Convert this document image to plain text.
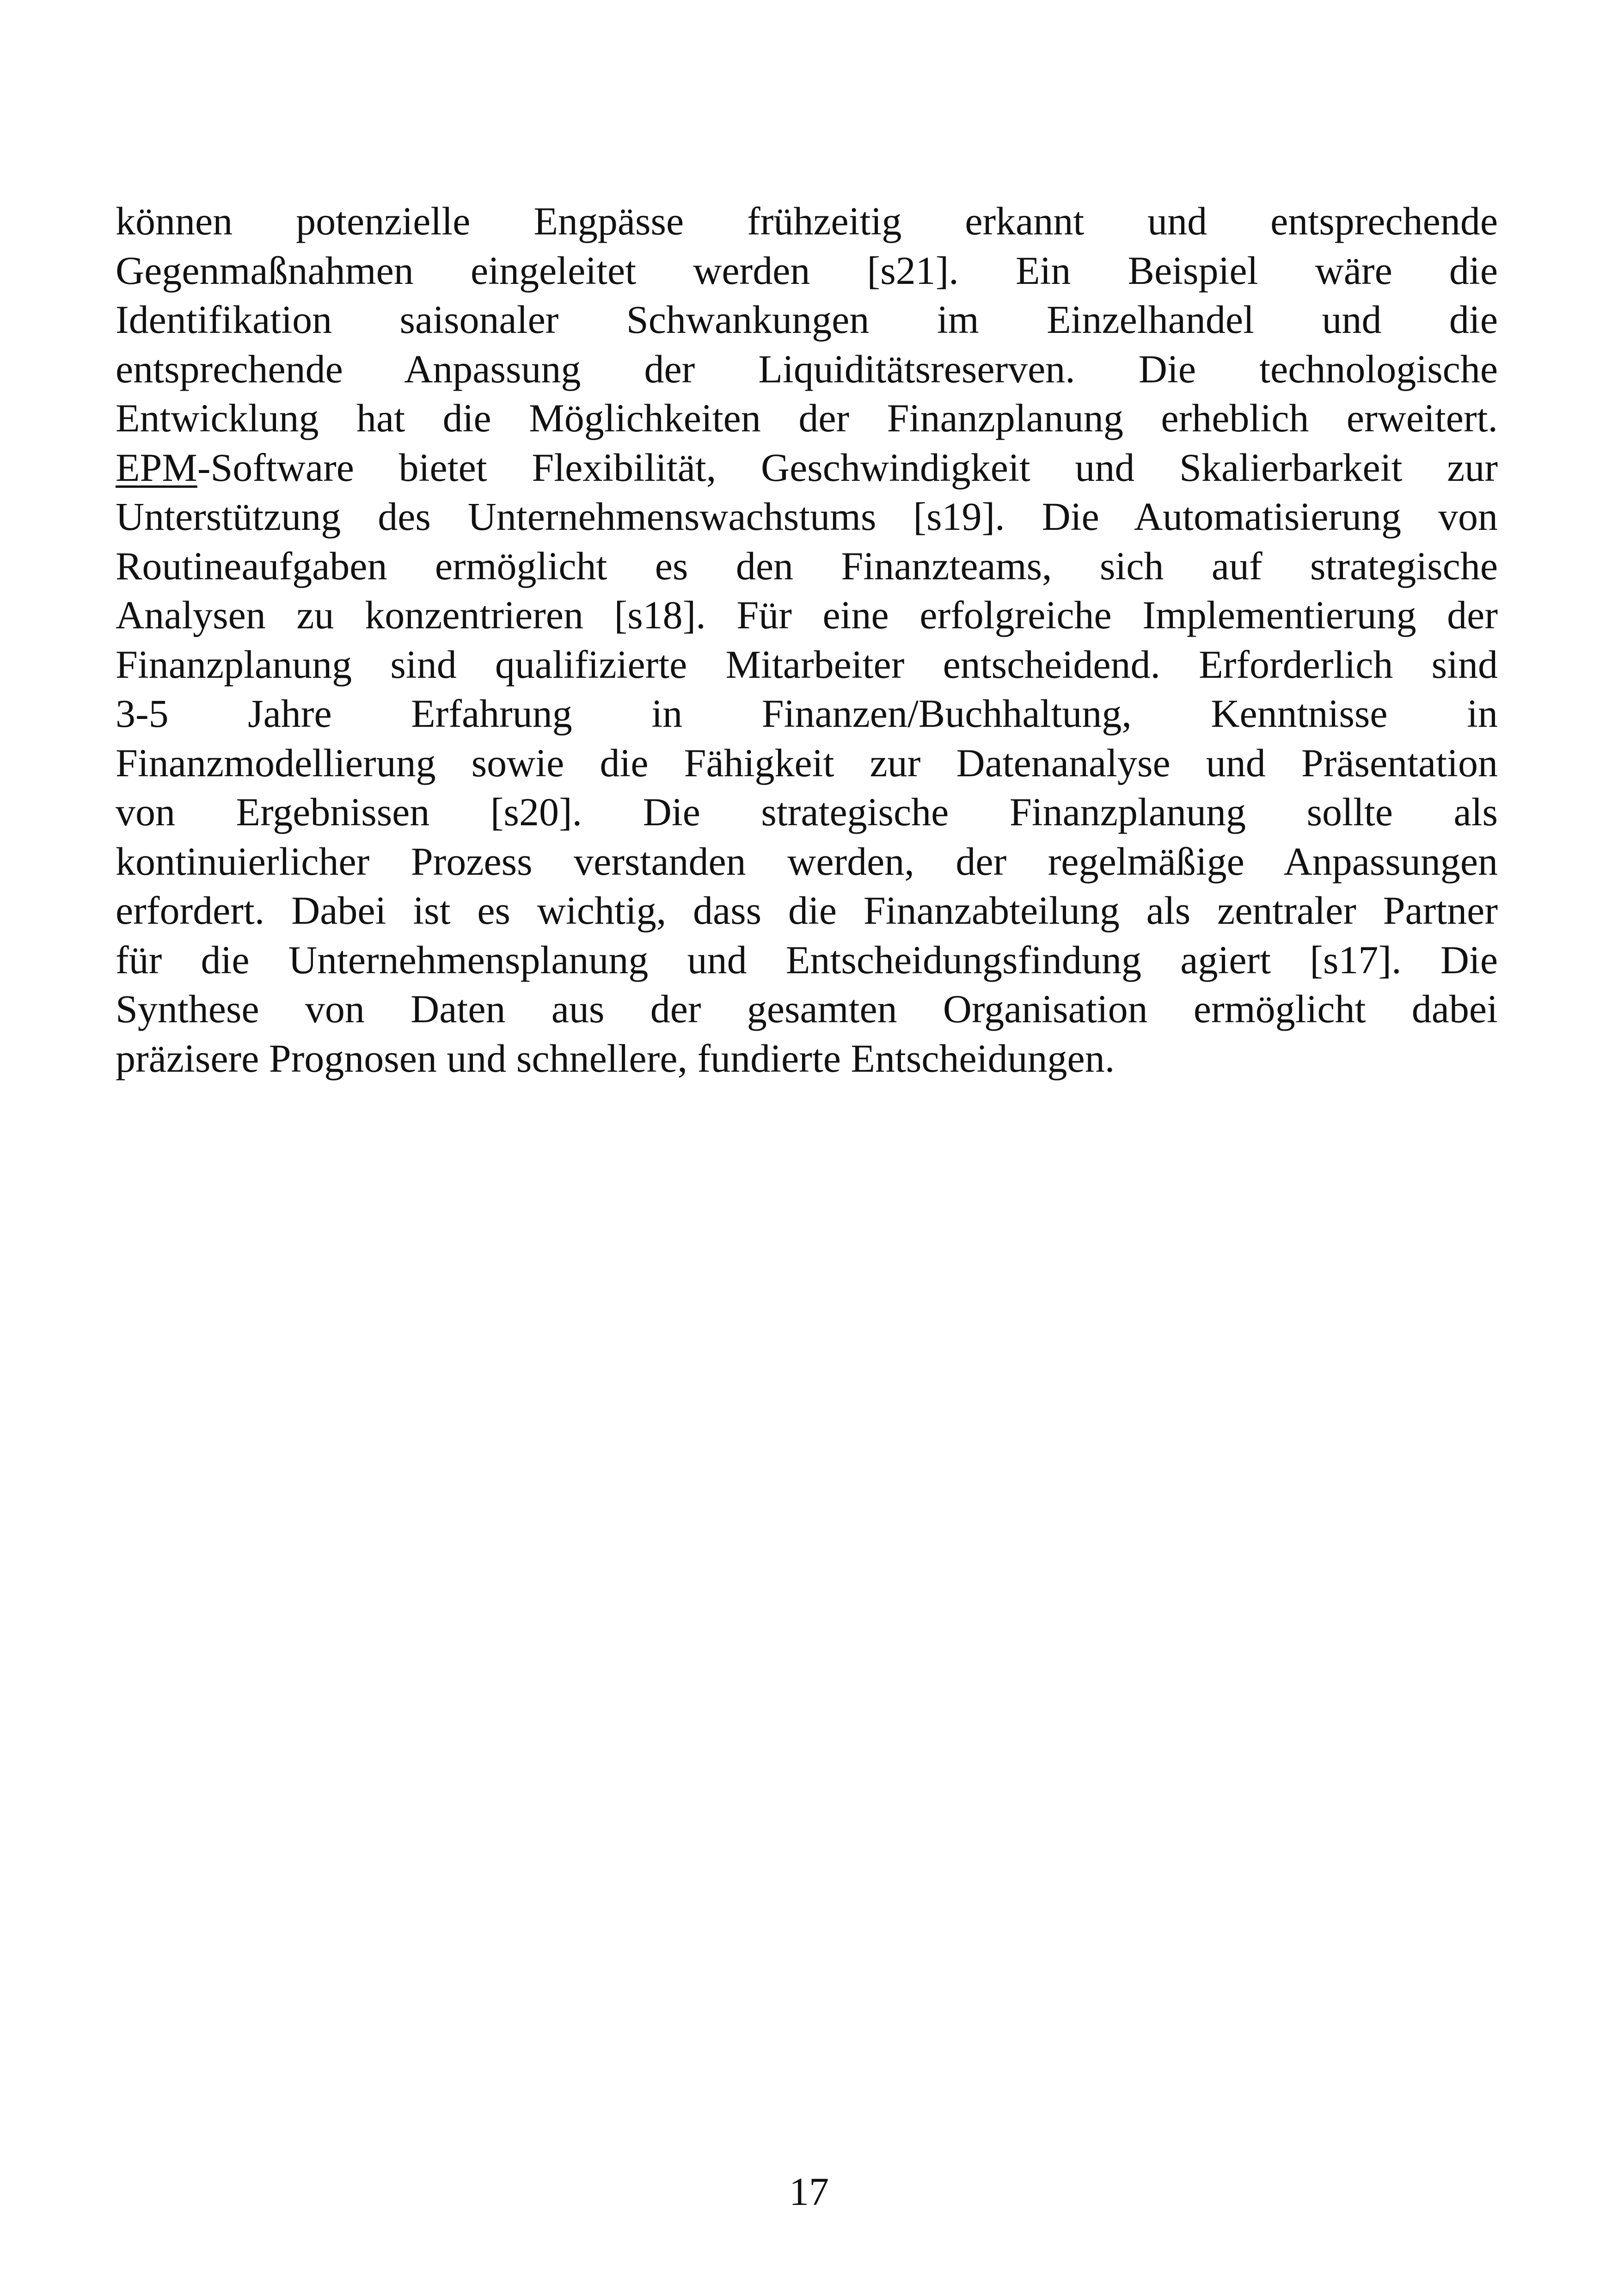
können potenzielle Engpässe frühzeitig erkannt und entsprechende
Gegenmaßnahmen eingeleitet werden [s21]. Ein Beispiel wäre die
Identifikation saisonaler Schwankungen im Einzelhandel und die
entsprechende Anpassung der Liquiditätsreserven. Die technologische
Entwicklung hat die Möglichkeiten der Finanzplanung erheblich erweitert.
EPM-Software bietet Flexibilität, Geschwindigkeit und Skalierbarkeit zur
Unterstützung des Unternehmenswachstums [s19]. Die Automatisierung von
Routineaufgaben ermöglicht es den Finanzteams, sich auf strategische
Analysen zu konzentrieren [s18]. Für eine erfolgreiche Implementierung der
Finanzplanung sind qualifizierte Mitarbeiter entscheidend. Erforderlich sind
3-5 Jahre Erfahrung in Finanzen/Buchhaltung, Kenntnisse in
Finanzmodellierung sowie die Fähigkeit zur Datenanalyse und Präsentation
von Ergebnissen [s20]. Die strategische Finanzplanung sollte als
kontinuierlicher Prozess verstanden werden, der regelmäßige Anpassungen
erfordert. Dabei ist es wichtig, dass die Finanzabteilung als zentraler Partner
für die Unternehmensplanung und Entscheidungsfindung agiert [s17]. Die
Synthese von Daten aus der gesamten Organisation ermöglicht dabei
präzisere Prognosen und schnellere, fundierte Entscheidungen.
17
